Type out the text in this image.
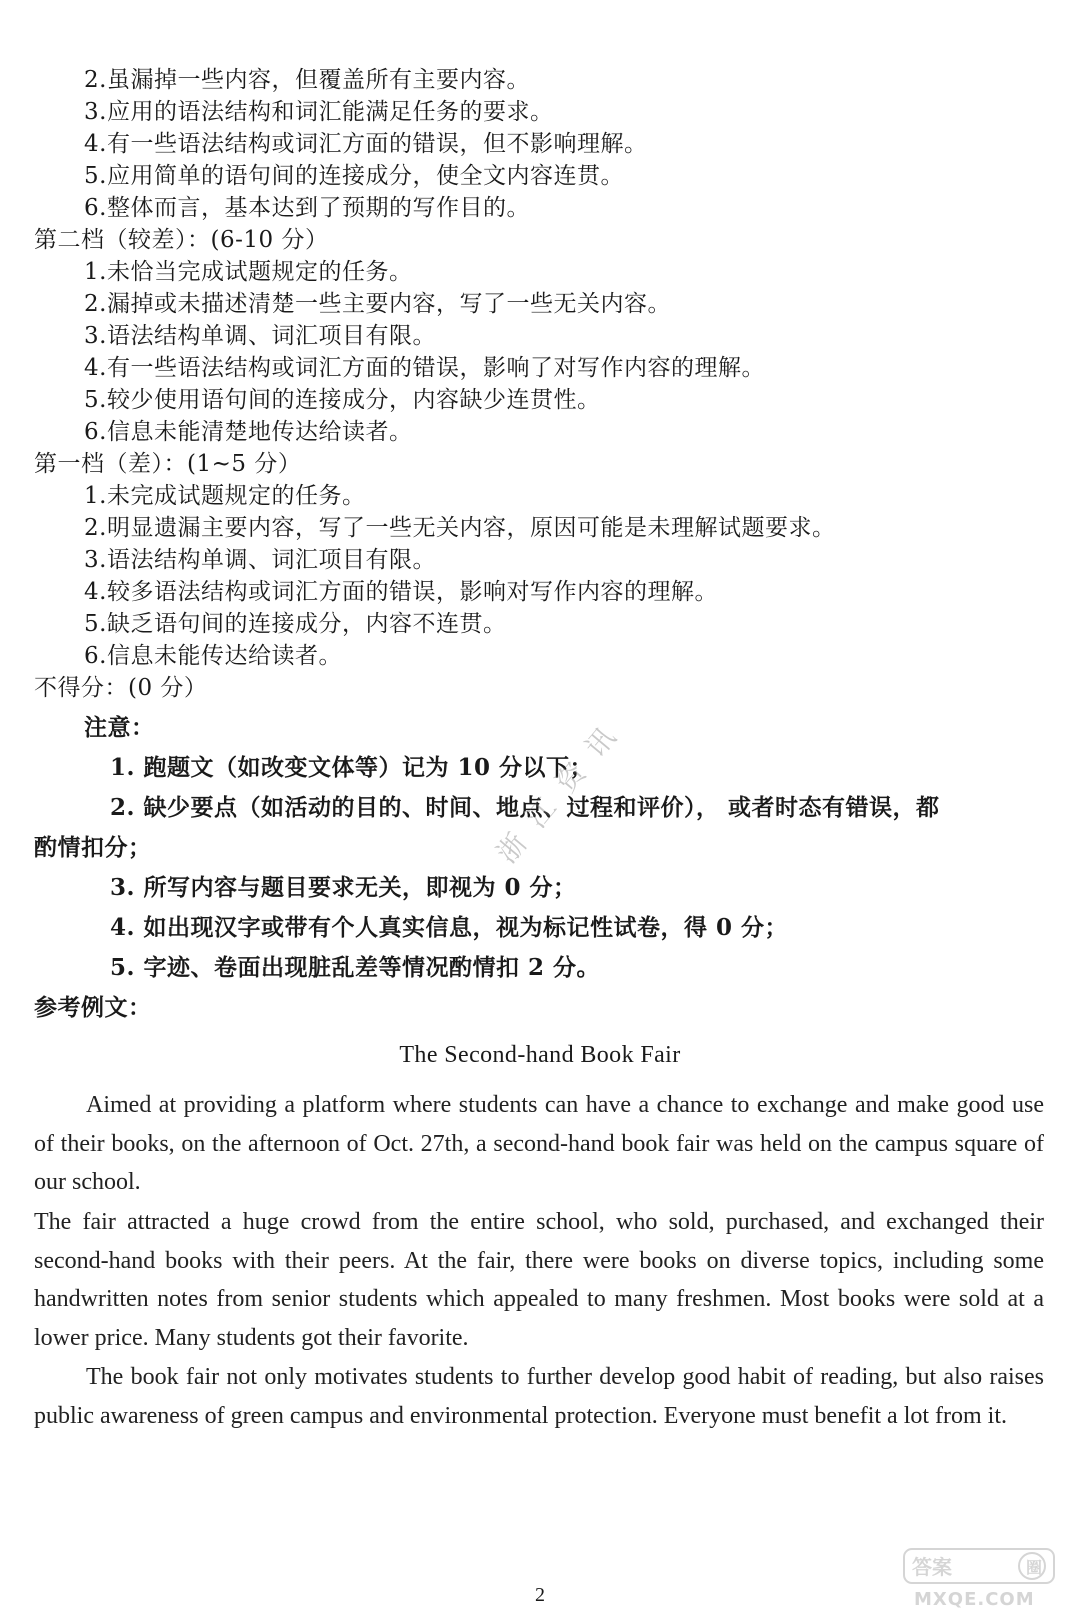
2.虽漏掉一些内容，但覆盖所有主要内容。
3.应用的语法结构和词汇能满足任务的要求。
4.有一些语法结构或词汇方面的错误，但不影响理解。
5.应用简单的语句间的连接成分，使全文内容连贯。
6.整体而言，基本达到了预期的写作目的。
第二档（较差）：(6-10 分）
1.未恰当完成试题规定的任务。
2.漏掉或未描述清楚一些主要内容，写了一些无关内容。
3.语法结构单调、词汇项目有限。
4.有一些语法结构或词汇方面的错误，影响了对写作内容的理解。
5.较少使用语句间的连接成分，内容缺少连贯性。
6.信息未能清楚地传达给读者。
第一档（差）：(1~5 分）
1.未完成试题规定的任务。
2.明显遗漏主要内容，写了一些无关内容，原因可能是未理解试题要求。
3.语法结构单调、词汇项目有限。
4.较多语法结构或词汇方面的错误，影响对写作内容的理解。
5.缺乏语句间的连接成分，内容不连贯。
6.信息未能传达给读者。
不得分：(0 分）
注意：
1. 跑题文（如改变文体等）记为 10 分以下；
2. 缺少要点（如活动的目的、时间、地点、过程和评价）， 或者时态有错误，都
酌情扣分；
3. 所写内容与题目要求无关，即视为 0 分；
4. 如出现汉字或带有个人真实信息，视为标记性试卷，得 0 分；
5. 字迹、卷面出现脏乱差等情况酌情扣 2 分。
参考例文：
The Second-hand Book Fair
Aimed at providing a platform where students can have a chance to exchange and make good use of their books, on the afternoon of Oct. 27th, a second-hand book fair was held on the campus square of our school.
The fair attracted a huge crowd from the entire school, who sold, purchased, and exchanged their second-hand books with their peers. At the fair, there were books on diverse topics, including some handwritten notes from senior students which appealed to many freshmen. Most books were sold at a lower price. Many students got their favorite.
The book fair not only motivates students to further develop good habit of reading, but also raises public awareness of green campus and environmental protection. Everyone must benefit a lot from it.
2
浙江资讯
答案	圈
MXQE.COM
